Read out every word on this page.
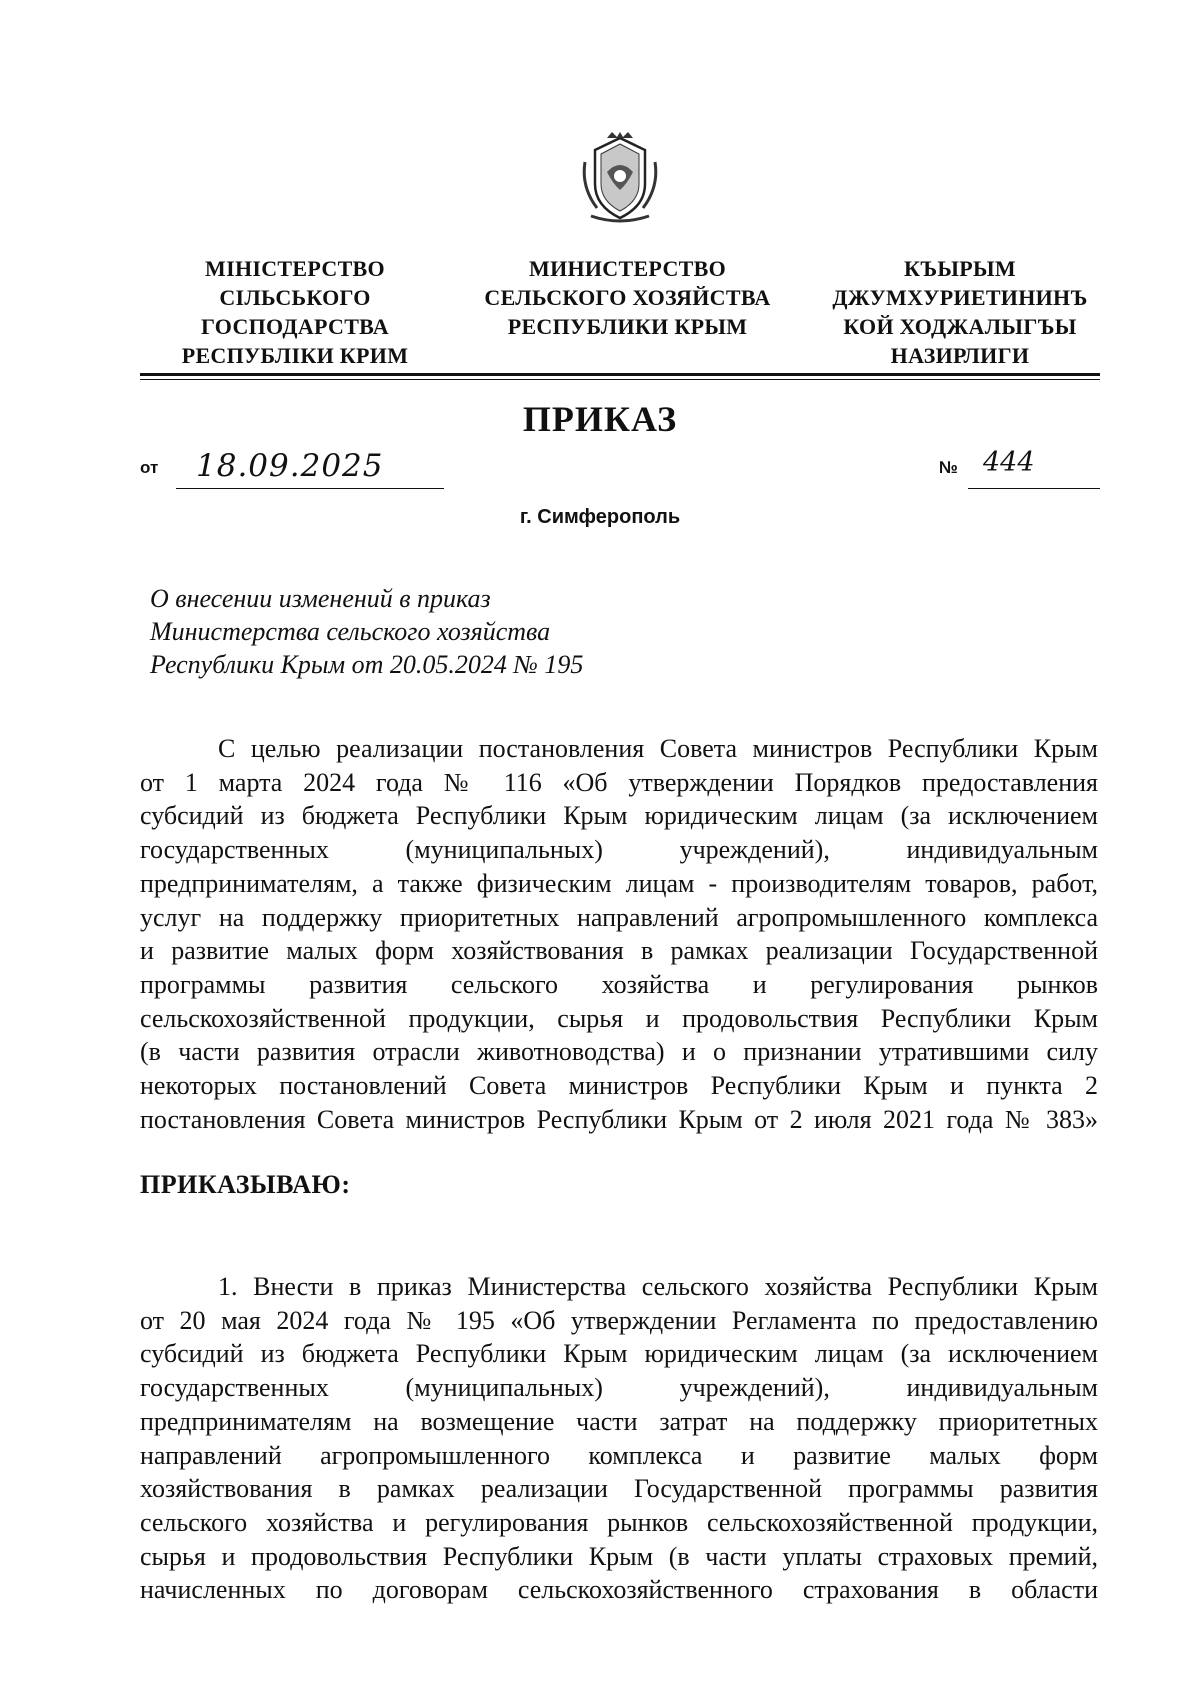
МІНІСТЕРСТВО
СІЛЬСЬКОГО
ГОСПОДАРСТВА
РЕСПУБЛІКИ КРИМ
МИНИСТЕРСТВО
СЕЛЬСКОГО ХОЗЯЙСТВА
РЕСПУБЛИКИ КРЫМ
КЪЫРЫМ
ДЖУМХУРИЕТИНИНЪ
КОЙ ХОДЖАЛЫГЪЫ
НАЗИРЛИГИ
ПРИКАЗ
от 18.09.2025	№ 444
г. Симферополь
О внесении изменений в приказ
Министерства сельского хозяйства
Республики Крым от 20.05.2024 № 195
С целью реализации постановления Совета министров Республики Крым
от 1 марта 2024 года № 116 «Об утверждении Порядков предоставления
субсидий из бюджета Республики Крым юридическим лицам (за исключением
государственных (муниципальных) учреждений), индивидуальным
предпринимателям, а также физическим лицам - производителям товаров, работ,
услуг на поддержку приоритетных направлений агропромышленного комплекса
и развитие малых форм хозяйствования в рамках реализации Государственной
программы развития сельского хозяйства и регулирования рынков
сельскохозяйственной продукции, сырья и продовольствия Республики Крым
(в части развития отрасли животноводства) и о признании утратившими силу
некоторых постановлений Совета министров Республики Крым и пункта 2
постановления Совета министров Республики Крым от 2 июля 2021 года № 383»
ПРИКАЗЫВАЮ:
1. Внести в приказ Министерства сельского хозяйства Республики Крым
от 20 мая 2024 года № 195 «Об утверждении Регламента по предоставлению
субсидий из бюджета Республики Крым юридическим лицам (за исключением
государственных (муниципальных) учреждений), индивидуальным
предпринимателям на возмещение части затрат на поддержку приоритетных
направлений агропромышленного комплекса и развитие малых форм
хозяйствования в рамках реализации Государственной программы развития
сельского хозяйства и регулирования рынков сельскохозяйственной продукции,
сырья и продовольствия Республики Крым (в части уплаты страховых премий,
начисленных по договорам сельскохозяйственного страхования в области
